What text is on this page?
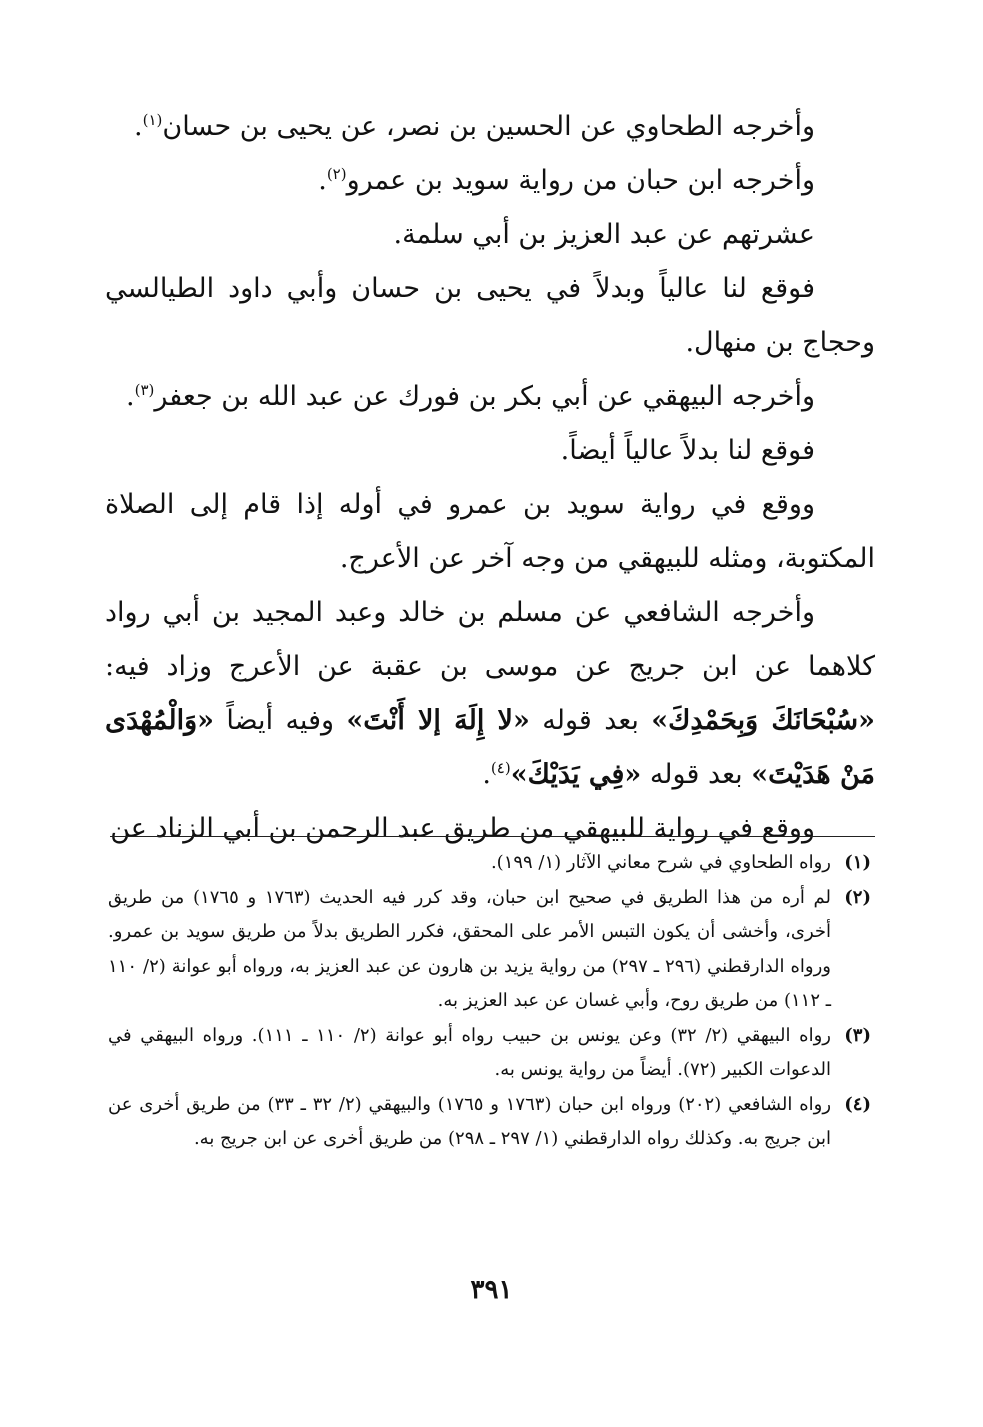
وأخرجه الطحاوي عن الحسين بن نصر، عن يحيى بن حسان$^{(١)}$.

وأخرجه ابن حبان من رواية سويد بن عمرو$^{(٢)}$.

عشرتهم عن عبد العزيز بن أبي سلمة.

فوقع لنا عالياً وبدلاً في يحيى بن حسان وأبي داود الطيالسي وحجاج بن منهال.

وأخرجه البيهقي عن أبي بكر بن فورك عن عبد الله بن جعفر$^{(٣)}$.

فوقع لنا بدلاً عالياً أيضاً.

ووقع في رواية سويد بن عمرو في أوله إذا قام إلى الصلاة المكتوبة، ومثله للبيهقي من وجه آخر عن الأعرج.

وأخرجه الشافعي عن مسلم بن خالد وعبد المجيد بن أبي رواد كلاهما عن ابن جريج عن موسى بن عقبة عن الأعرج وزاد فيه: «سُبْحَانَكَ وَبِحَمْدِكَ» بعد قوله «لا إِلَهَ إلا أَنْتَ» وفيه أيضاً «وَالْمُهْدَى مَنْ هَدَيْتَ» بعد قوله «فِي يَدَيْكَ»$^{(٤)}$.

ووقع في رواية للبيهقي من طريق عبد الرحمن بن أبي الزناد عن

(١)
رواه الطحاوي في شرح معاني الآثار (١/ ١٩٩).
(٢)
لم أره من هذا الطريق في صحيح ابن حبان، وقد كرر فيه الحديث (١٧٦٣ و ١٧٦٥) من طريق أخرى، وأخشى أن يكون التبس الأمر على المحقق، فكرر الطريق بدلاً من طريق سويد بن عمرو. ورواه الدارقطني (٢٩٦ ـ ٢٩٧) من رواية يزيد بن هارون عن عبد العزيز به، ورواه أبو عوانة (٢/ ١١٠ ـ ١١٢) من طريق روح، وأبي غسان عن عبد العزيز به.
(٣)
رواه البيهقي (٢/ ٣٢) وعن يونس بن حبيب رواه أبو عوانة (٢/ ١١٠ ـ ١١١). ورواه البيهقي في الدعوات الكبير (٧٢). أيضاً من رواية يونس به.
(٤)
رواه الشافعي (٢٠٢) ورواه ابن حبان (١٧٦٣ و ١٧٦٥) والبيهقي (٢/ ٣٢ ـ ٣٣) من طريق أخرى عن ابن جريج به. وكذلك رواه الدارقطني (١/ ٢٩٧ ـ ٢٩٨) من طريق أخرى عن ابن جريج به.
٣٩١
